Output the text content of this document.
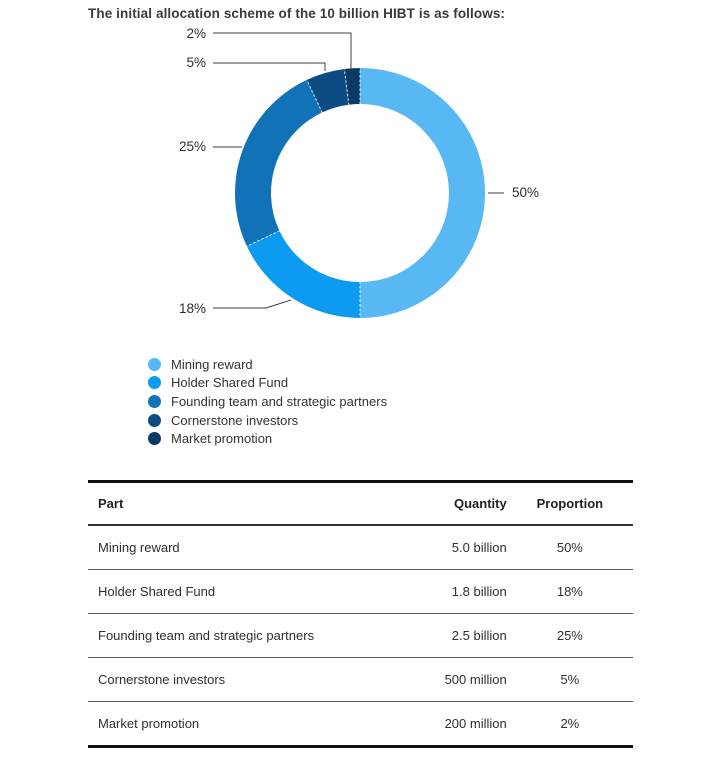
The initial allocation scheme of the 10 billion HIBT is as follows:
50%
18%
25%
5%
2%
Mining reward
Holder Shared Fund
Founding team and strategic partners
Cornerstone investors
Market promotion
Part	Quantity	Proportion
Mining reward	5.0 billion	50%
Holder Shared Fund	1.8 billion	18%
Founding team and strategic partners	2.5 billion	25%
Cornerstone investors	500 million	5%
Market promotion	200 million	2%
